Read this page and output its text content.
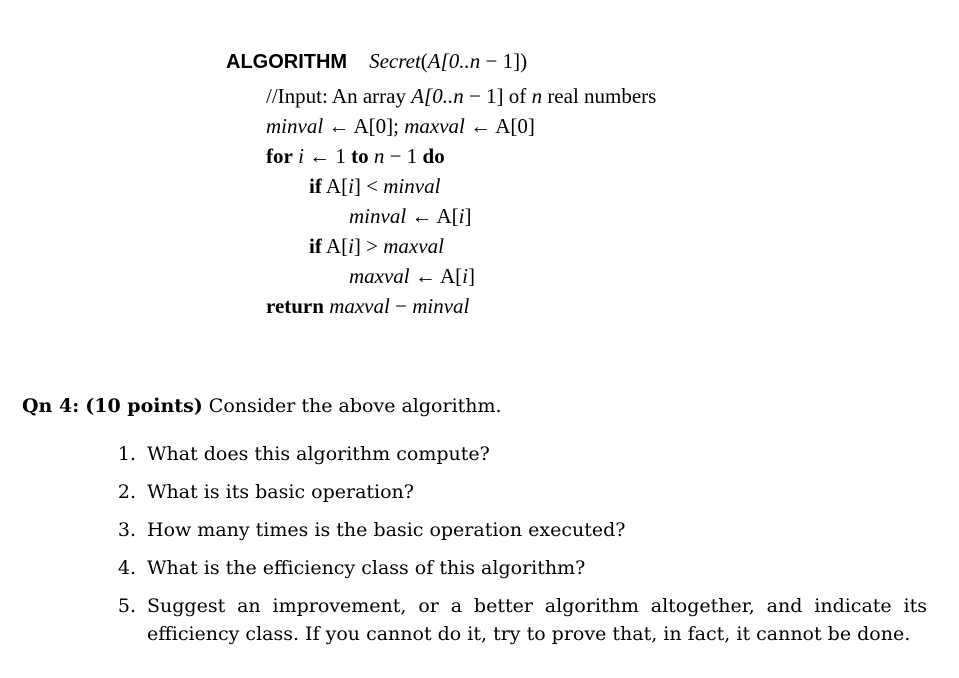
ALGORITHM Secret(A[0..n − 1])
//Input: An array A[0..n − 1] of n real numbers
minval ← A[0]; maxval ← A[0]
for i ← 1 to n − 1 do
if A[i] < minval
minval ← A[i]
if A[i] > maxval
maxval ← A[i]
return maxval − minval
Qn 4: (10 points) Consider the above algorithm.
1. What does this algorithm compute?
2. What is its basic operation?
3. How many times is the basic operation executed?
4. What is the efficiency class of this algorithm?
5. Suggest an improvement, or a better algorithm altogether, and indicate its efficiency class. If you cannot do it, try to prove that, in fact, it cannot be done.
